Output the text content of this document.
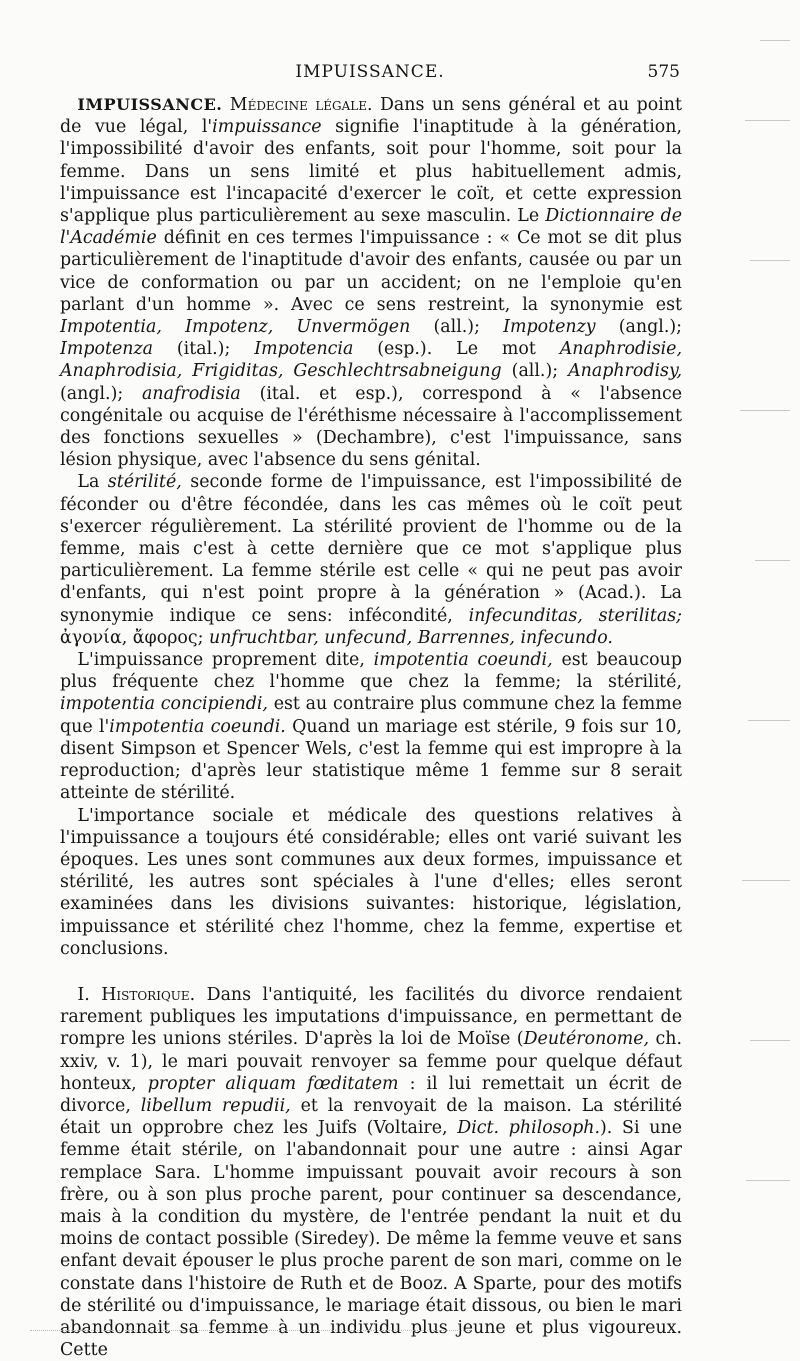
IMPUISSANCE.	575

 IMPUISSANCE. Médecine légale. Dans un sens général et au point de vue légal, l'impuissance signifie l'inaptitude à la génération, l'impossibilité d'avoir des enfants, soit pour l'homme, soit pour la femme. Dans un sens limité et plus habituellement admis, l'impuissance est l'incapacité d'exercer le coït, et cette expression s'applique plus particulièrement au sexe masculin. Le Dictionnaire de l'Académie définit en ces termes l'impuissance : « Ce mot se dit plus particulièrement de l'inaptitude d'avoir des enfants, causée ou par un vice de conformation ou par un accident; on ne l'emploie qu'en parlant d'un homme ». Avec ce sens restreint, la synonymie est Impotentia, Impotenz, Unvermögen (all.); Impotenzy (angl.); Impotenza (ital.); Impotencia (esp.). Le mot Anaphrodisie, Anaphrodisia, Frigiditas, Geschlechtrsabneigung (all.); Anaphrodisy, (angl.); anafrodisia (ital. et esp.), correspond à « l'absence congénitale ou acquise de l'éréthisme nécessaire à l'accomplissement des fonctions sexuelles » (Dechambre), c'est l'impuissance, sans lésion physique, avec l'absence du sens génital.

 La stérilité, seconde forme de l'impuissance, est l'impossibilité de féconder ou d'être fécondée, dans les cas mêmes où le coït peut s'exercer régulièrement. La stérilité provient de l'homme ou de la femme, mais c'est à cette dernière que ce mot s'applique plus particulièrement. La femme stérile est celle « qui ne peut pas avoir d'enfants, qui n'est point propre à la génération » (Acad.). La synonymie indique ce sens: infécondité, infecunditas, sterilitas; ἀγονία, ἄφορος; unfruchtbar, unfecund, Barrennes, infecundo.

 L'impuissance proprement dite, impotentia coeundi, est beaucoup plus fréquente chez l'homme que chez la femme; la stérilité, impotentia concipiendi, est au contraire plus commune chez la femme que l'impotentia coeundi. Quand un mariage est stérile, 9 fois sur 10, disent Simpson et Spencer Wels, c'est la femme qui est impropre à la reproduction; d'après leur statistique même 1 femme sur 8 serait atteinte de stérilité.

 L'importance sociale et médicale des questions relatives à l'impuissance a toujours été considérable; elles ont varié suivant les époques. Les unes sont communes aux deux formes, impuissance et stérilité, les autres sont spéciales à l'une d'elles; elles seront examinées dans les divisions suivantes: historique, législation, impuissance et stérilité chez l'homme, chez la femme, expertise et conclusions.

 I. Historique. Dans l'antiquité, les facilités du divorce rendaient rarement publiques les imputations d'impuissance, en permettant de rompre les unions stériles. D'après la loi de Moïse (Deutéronome, ch. xxiv, v. 1), le mari pouvait renvoyer sa femme pour quelque défaut honteux, propter aliquam fœditatem : il lui remettait un écrit de divorce, libellum repudii, et la renvoyait de la maison. La stérilité était un opprobre chez les Juifs (Voltaire, Dict. philosoph.). Si une femme était stérile, on l'abandonnait pour une autre : ainsi Agar remplace Sara. L'homme impuissant pouvait avoir recours à son frère, ou à son plus proche parent, pour continuer sa descendance, mais à la condition du mystère, de l'entrée pendant la nuit et du moins de contact possible (Siredey). De même la femme veuve et sans enfant devait épouser le plus proche parent de son mari, comme on le constate dans l'histoire de Ruth et de Booz. A Sparte, pour des motifs de stérilité ou d'impuissance, le mariage était dissous, ou bien le mari abandonnait sa femme à un individu plus jeune et plus vigoureux. Cette
